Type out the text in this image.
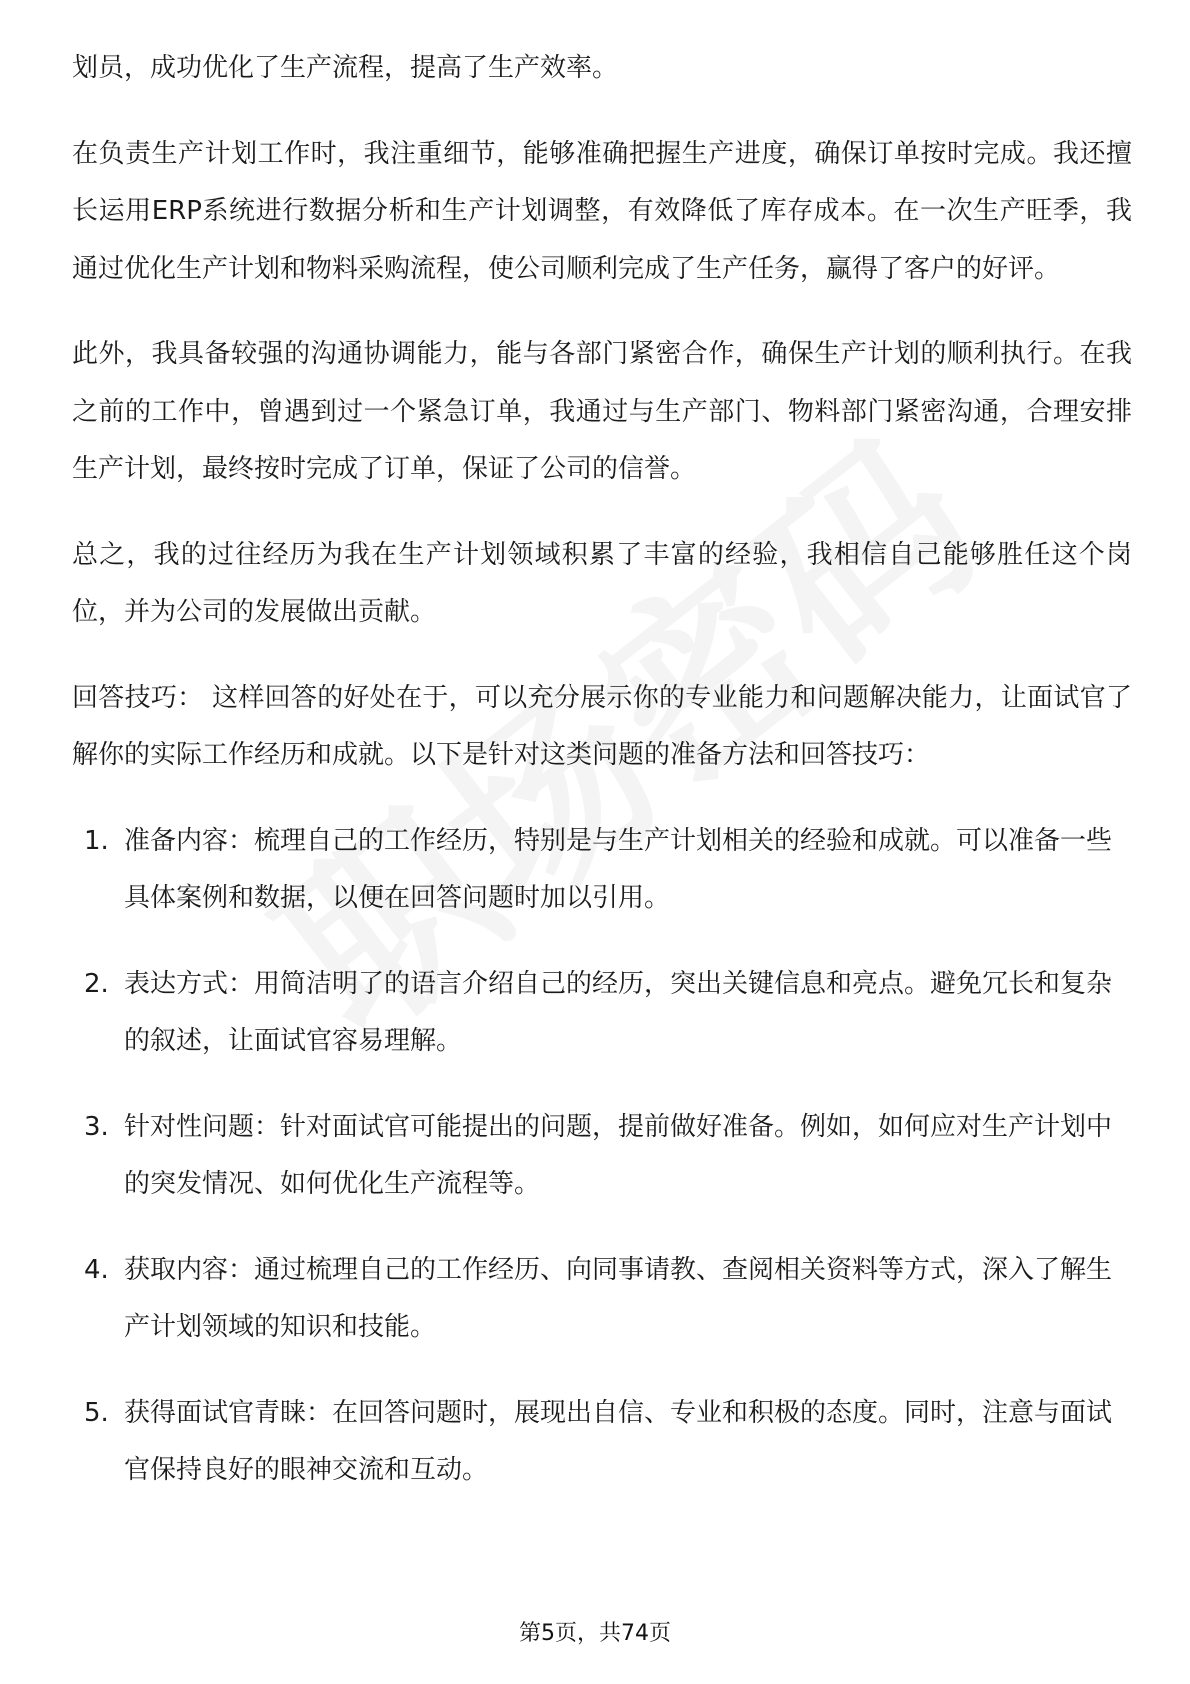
划员，成功优化了生产流程，提高了生产效率。

在负责生产计划工作时，我注重细节，能够准确把握生产进度，确保订单按时完成。我还擅长运用ERP系统进行数据分析和生产计划调整，有效降低了库存成本。在一次生产旺季，我通过优化生产计划和物料采购流程，使公司顺利完成了生产任务，赢得了客户的好评。

此外，我具备较强的沟通协调能力，能与各部门紧密合作，确保生产计划的顺利执行。在我之前的工作中，曾遇到过一个紧急订单，我通过与生产部门、物料部门紧密沟通，合理安排生产计划，最终按时完成了订单，保证了公司的信誉。

总之，我的过往经历为我在生产计划领域积累了丰富的经验，我相信自己能够胜任这个岗位，并为公司的发展做出贡献。

回答技巧： 这样回答的好处在于，可以充分展示你的专业能力和问题解决能力，让面试官了解你的实际工作经历和成就。以下是针对这类问题的准备方法和回答技巧：

1. 准备内容：梳理自己的工作经历，特别是与生产计划相关的经验和成就。可以准备一些具体案例和数据，以便在回答问题时加以引用。
2. 表达方式：用简洁明了的语言介绍自己的经历，突出关键信息和亮点。避免冗长和复杂的叙述，让面试官容易理解。
3. 针对性问题：针对面试官可能提出的问题，提前做好准备。例如，如何应对生产计划中的突发情况、如何优化生产流程等。
4. 获取内容：通过梳理自己的工作经历、向同事请教、查阅相关资料等方式，深入了解生产计划领域的知识和技能。
5. 获得面试官青睐：在回答问题时，展现出自信、专业和积极的态度。同时，注意与面试官保持良好的眼神交流和互动。
第5页，共74页
